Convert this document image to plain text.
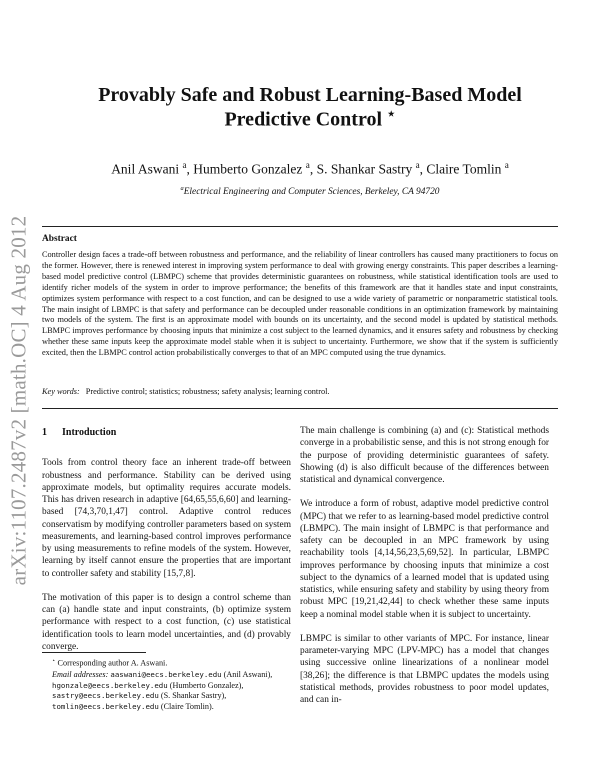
arXiv:1107.2487v2 [math.OC] 4 Aug 2012
Provably Safe and Robust Learning-Based Model Predictive Control ⋆
Anil Aswani $^a$, Humberto Gonzalez $^a$, S. Shankar Sastry $^a$, Claire Tomlin $^a$
$^a$Electrical Engineering and Computer Sciences, Berkeley, CA 94720
Abstract
Controller design faces a trade-off between robustness and performance, and the reliability of linear controllers has caused many practitioners to focus on the former. However, there is renewed interest in improving system performance to deal with growing energy constraints. This paper describes a learning-based model predictive control (LBMPC) scheme that provides deterministic guarantees on robustness, while statistical identification tools are used to identify richer models of the system in order to improve performance; the benefits of this framework are that it handles state and input constraints, optimizes system performance with respect to a cost function, and can be designed to use a wide variety of parametric or nonparametric statistical tools. The main insight of LBMPC is that safety and performance can be decoupled under reasonable conditions in an optimization framework by maintaining two models of the system. The first is an approximate model with bounds on its uncertainty, and the second model is updated by statistical methods. LBMPC improves performance by choosing inputs that minimize a cost subject to the learned dynamics, and it ensures safety and robustness by checking whether these same inputs keep the approximate model stable when it is subject to uncertainty. Furthermore, we show that if the system is sufficiently excited, then the LBMPC control action probabilistically converges to that of an MPC computed using the true dynamics.
Key words: Predictive control; statistics; robustness; safety analysis; learning control.
1 Introduction

Tools from control theory face an inherent trade-off between robustness and performance. Stability can be derived using approximate models, but optimality requires accurate models. This has driven research in adaptive [64,65,55,6,60] and learning-based [74,3,70,1,47] control. Adaptive control reduces conservatism by modifying controller parameters based on system measurements, and learning-based control improves performance by using measurements to refine models of the system. However, learning by itself cannot ensure the properties that are important to controller safety and stability [15,7,8].

The motivation of this paper is to design a control scheme than can (a) handle state and input constraints, (b) optimize system performance with respect to a cost function, (c) use statistical identification tools to learn model uncertainties, and (d) provably converge.

⋆ Corresponding author A. Aswani.

Email addresses: aaswani@eecs.berkeley.edu (Anil Aswani), hgonzale@eecs.berkeley.edu (Humberto Gonzalez), sastry@eecs.berkeley.edu (S. Shankar Sastry), tomlin@eecs.berkeley.edu (Claire Tomlin).

The main challenge is combining (a) and (c): Statistical methods converge in a probabilistic sense, and this is not strong enough for the purpose of providing deterministic guarantees of safety. Showing (d) is also difficult because of the differences between statistical and dynamical convergence.

We introduce a form of robust, adaptive model predictive control (MPC) that we refer to as learning-based model predictive control (LBMPC). The main insight of LBMPC is that performance and safety can be decoupled in an MPC framework by using reachability tools [4,14,56,23,5,69,52]. In particular, LBMPC improves performance by choosing inputs that minimize a cost subject to the dynamics of a learned model that is updated using statistics, while ensuring safety and stability by using theory from robust MPC [19,21,42,44] to check whether these same inputs keep a nominal model stable when it is subject to uncertainty.

LBMPC is similar to other variants of MPC. For instance, linear parameter-varying MPC (LPV-MPC) has a model that changes using successive online linearizations of a nonlinear model [38,26]; the difference is that LBMPC updates the models using statistical methods, provides robustness to poor model updates, and can in-
